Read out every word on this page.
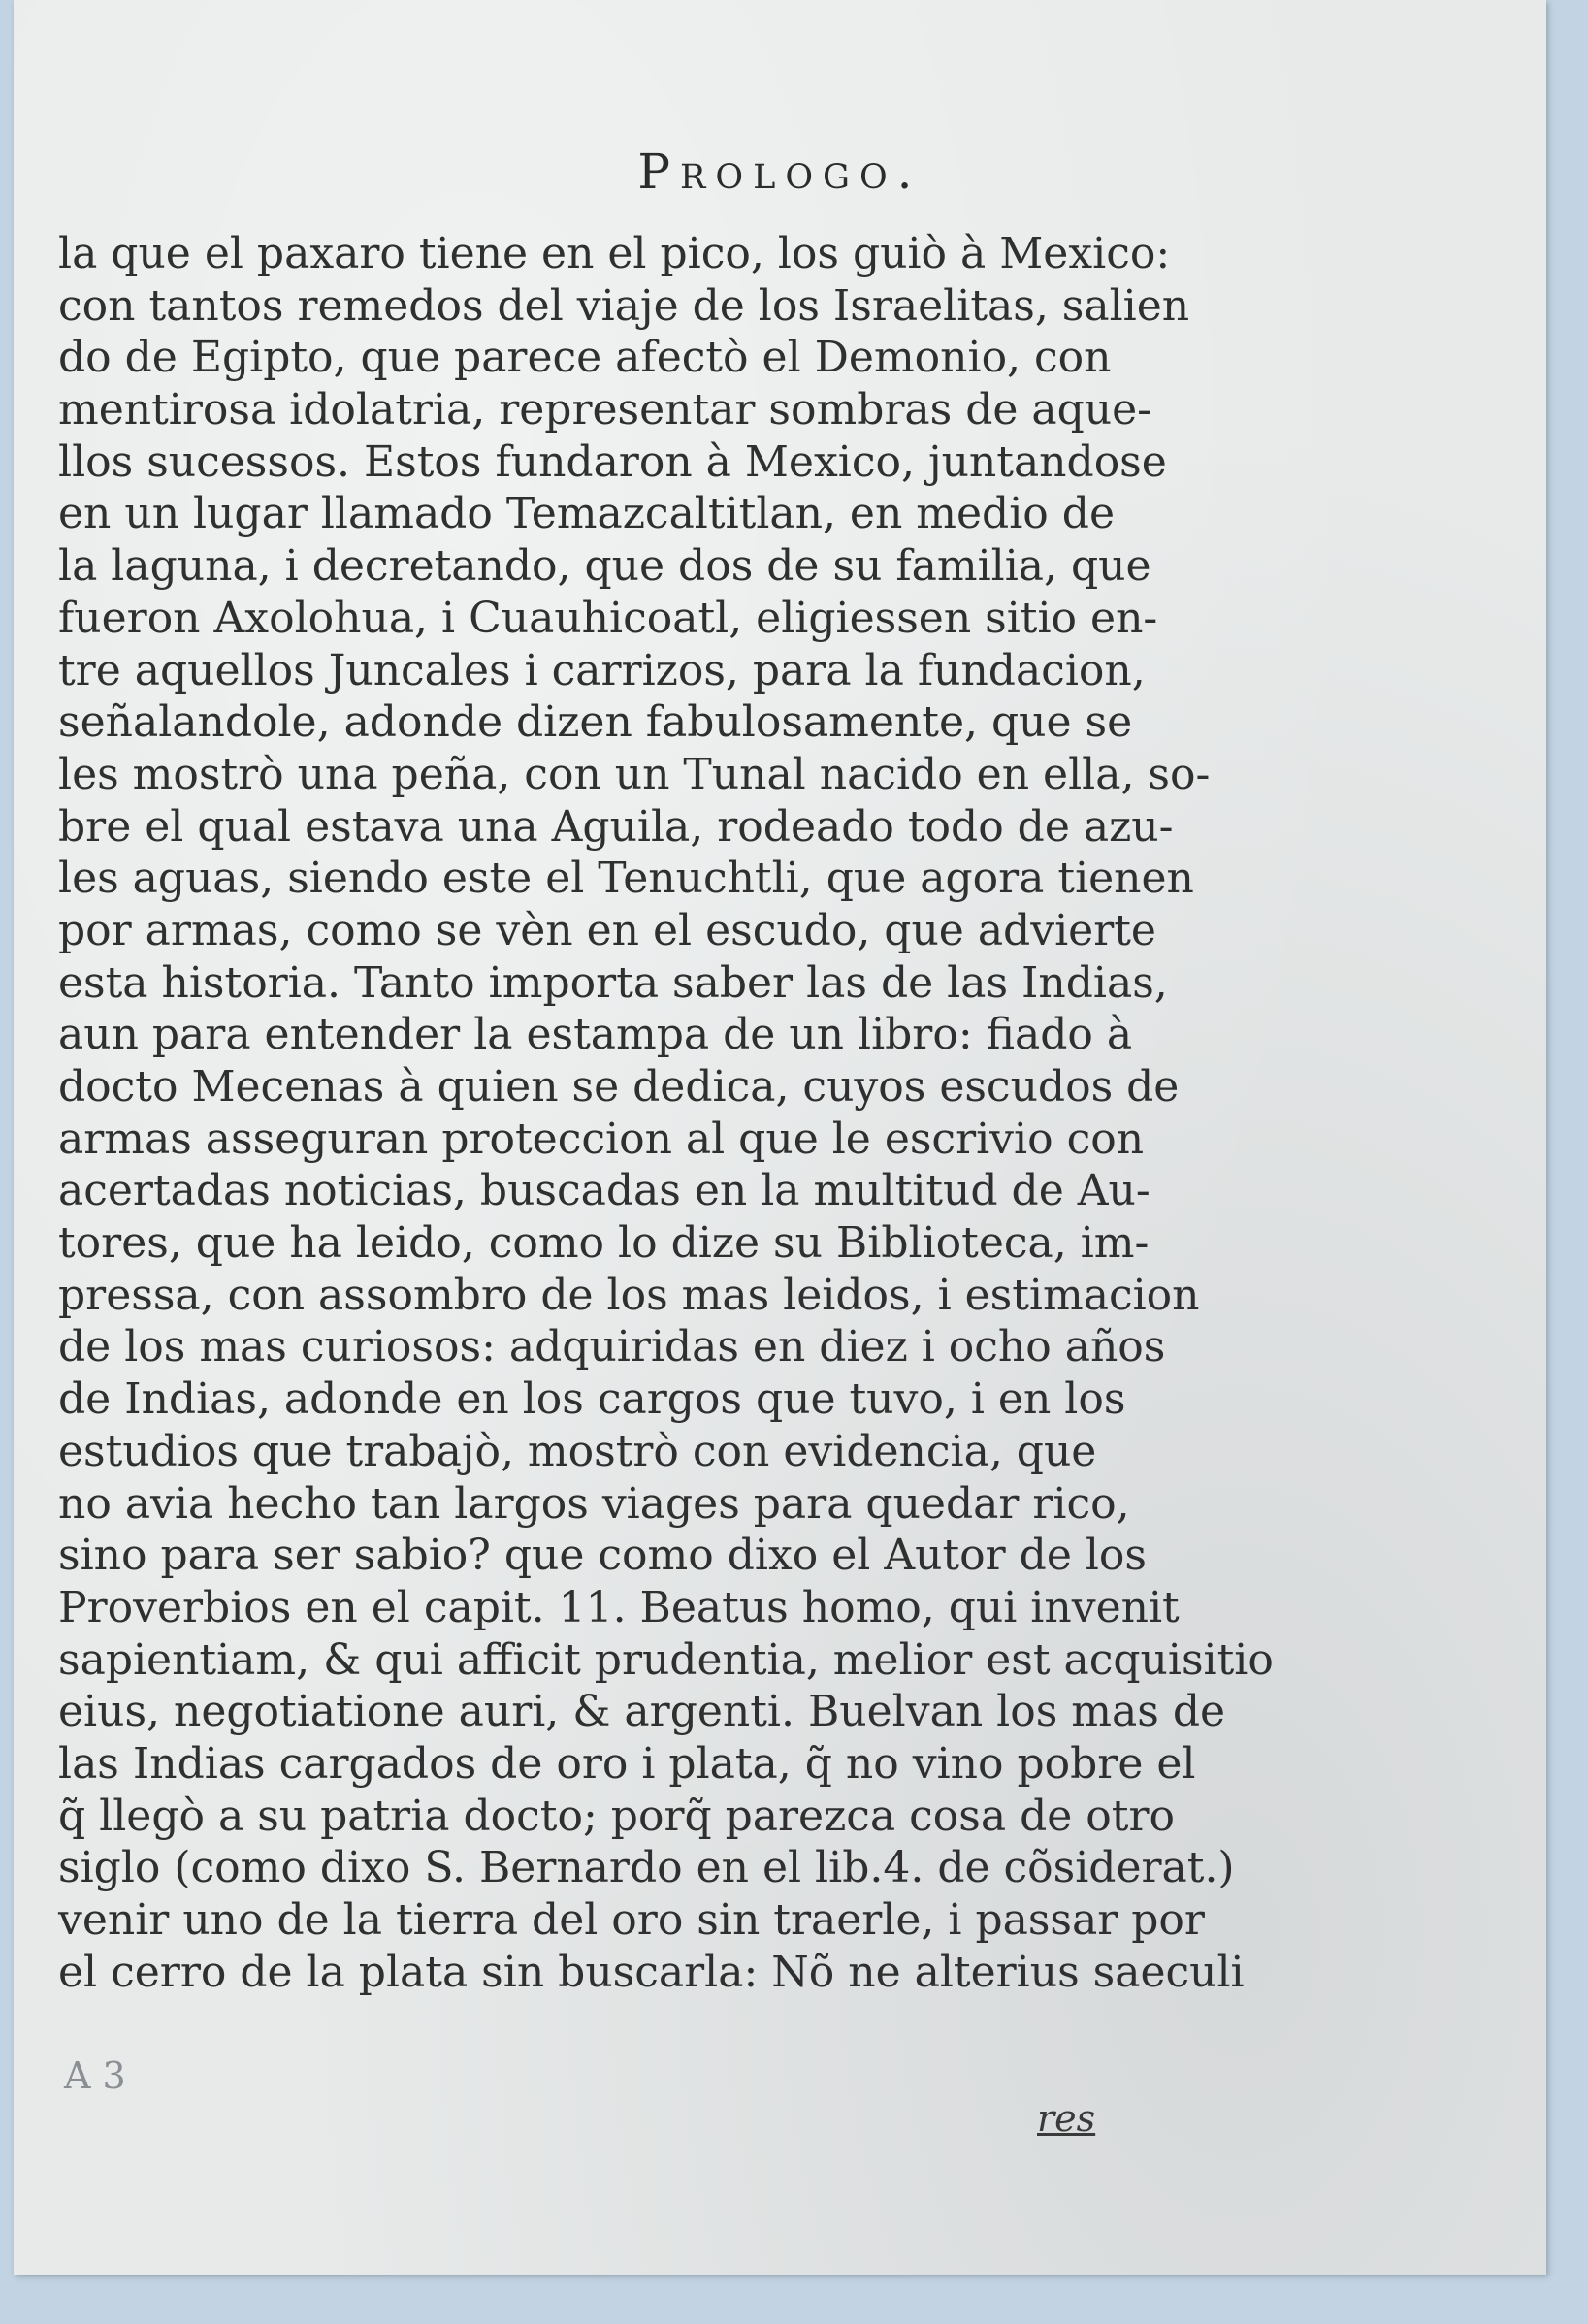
Prologo.
la que el paxaro tiene en el pico, los guiò à Mexico:
con tantos remedos del viaje de los Israelitas, salien
do de Egipto, que parece afectò el Demonio, con
mentirosa idolatria, representar sombras de aque-
llos sucessos. Estos fundaron à Mexico, juntandose
en un lugar llamado Temazcaltitlan, en medio de
la laguna, i decretando, que dos de su familia, que
fueron Axolohua, i Cuauhicoatl, eligiessen sitio en-
tre aquellos Juncales i carrizos, para la fundacion,
señalandole, adonde dizen fabulosamente, que se
les mostrò una peña, con un Tunal nacido en ella, so-
bre el qual estava una Aguila, rodeado todo de azu-
les aguas, siendo este el Tenuchtli, que agora tienen
por armas, como se vèn en el escudo, que advierte
esta historia. Tanto importa saber las de las Indias,
aun para entender la estampa de un libro: fiado à
docto Mecenas à quien se dedica, cuyos escudos de
armas asseguran proteccion al que le escrivio con
acertadas noticias, buscadas en la multitud de Au-
tores, que ha leido, como lo dize su Biblioteca, im-
pressa, con assombro de los mas leidos, i estimacion
de los mas curiosos: adquiridas en diez i ocho años
de Indias, adonde en los cargos que tuvo, i en los
estudios que trabajò, mostrò con evidencia, que
no avia hecho tan largos viages para quedar rico,
sino para ser sabio? que como dixo el Autor de los
Proverbios en el capit. 11. Beatus homo, qui invenit
sapientiam, & qui afficit prudentia, melior est acquisitio
eius, negotiatione auri, & argenti. Buelvan los mas de
las Indias cargados de oro i plata, q̃ no vino pobre el
q̃ llegò a su patria docto; porq̃ parezca cosa de otro
siglo (como dixo S. Bernardo en el lib.4. de cõsiderat.)
venir uno de la tierra del oro sin traerle, i passar por
el cerro de la plata sin buscarla: Nõ ne alterius saeculi
A 3
res
